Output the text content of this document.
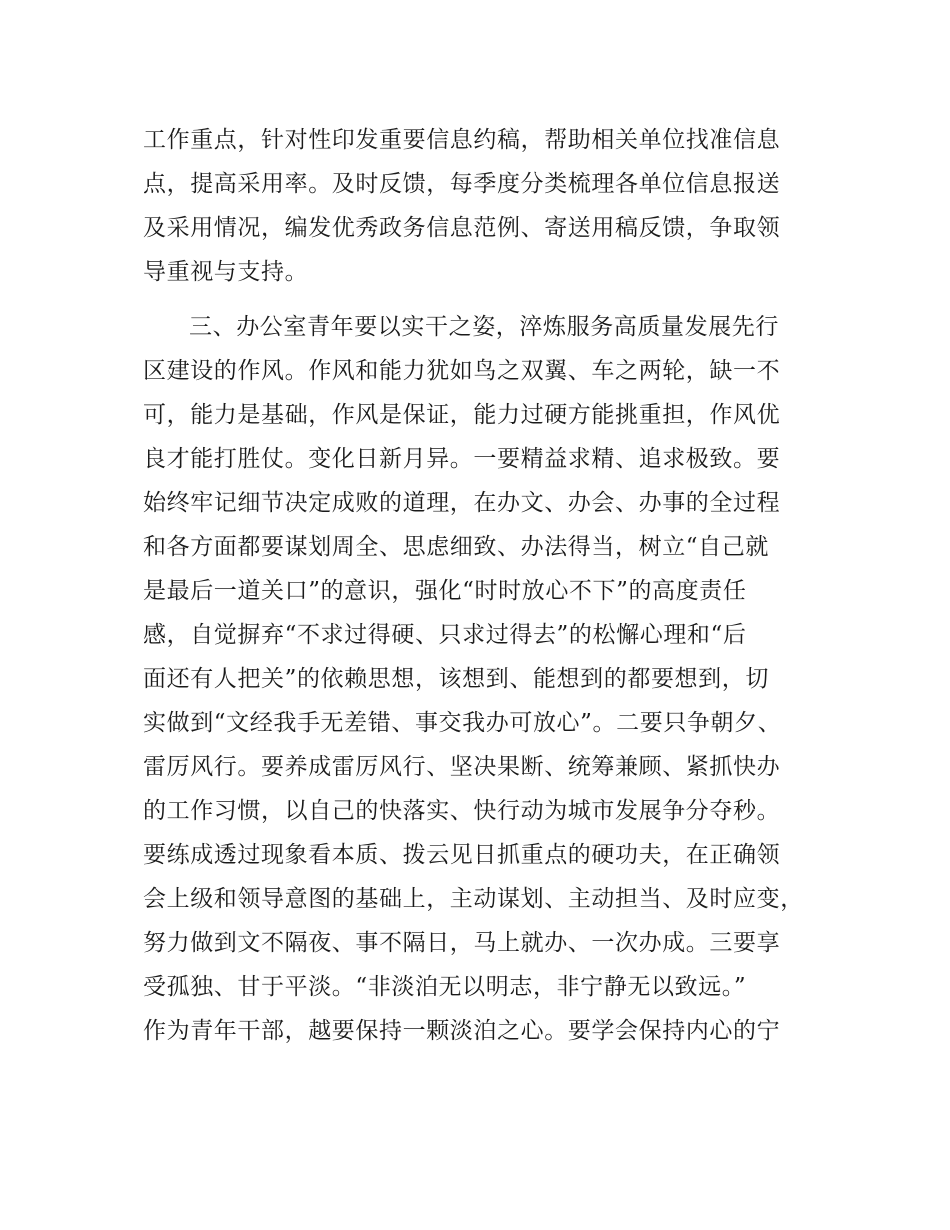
工作重点，针对性印发重要信息约稿，帮助相关单位找准信息
点，提高采用率。及时反馈，每季度分类梳理各单位信息报送
及采用情况，编发优秀政务信息范例、寄送用稿反馈，争取领
导重视与支持。
三、办公室青年要以实干之姿，淬炼服务高质量发展先行
区建设的作风。作风和能力犹如鸟之双翼、车之两轮，缺一不
可，能力是基础，作风是保证，能力过硬方能挑重担，作风优
良才能打胜仗。变化日新月异。一要精益求精、追求极致。要
始终牢记细节决定成败的道理，在办文、办会、办事的全过程
和各方面都要谋划周全、思虑细致、办法得当，树立“自己就
是最后一道关口”的意识，强化“时时放心不下”的高度责任
感，自觉摒弃“不求过得硬、只求过得去”的松懈心理和“后
面还有人把关”的依赖思想，该想到、能想到的都要想到，切
实做到“文经我手无差错、事交我办可放心”。二要只争朝夕、
雷厉风行。要养成雷厉风行、坚决果断、统筹兼顾、紧抓快办
的工作习惯，以自己的快落实、快行动为城市发展争分夺秒。
要练成透过现象看本质、拨云见日抓重点的硬功夫，在正确领
会上级和领导意图的基础上，主动谋划、主动担当、及时应变，
努力做到文不隔夜、事不隔日，马上就办、一次办成。三要享
受孤独、甘于平淡。“非淡泊无以明志，非宁静无以致远。”
作为青年干部，越要保持一颗淡泊之心。要学会保持内心的宁
